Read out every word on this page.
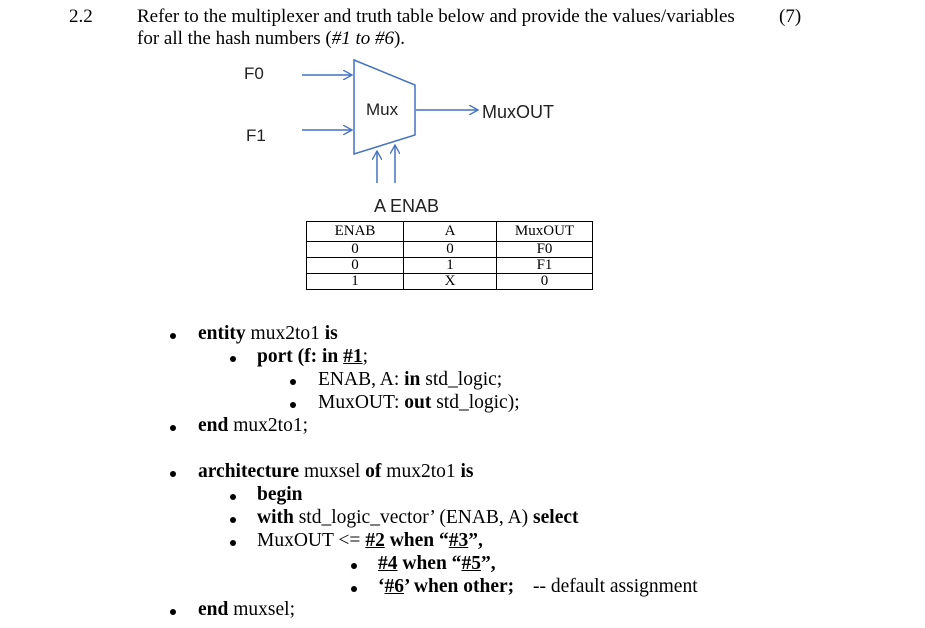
2.2 Refer to the multiplexer and truth table below and provide the values/variables (7)
for all the hash numbers (#1 to #6).
F0
F1
Mux	MuxOUT
A ENAB
ENAB	A	MuxOUT
0	0	F0
0	1	F1
1	X	0
entity mux2to1 is
port (f: in #1;
ENAB, A: in std_logic;
MuxOUT: out std_logic);
end mux2to1;
architecture muxsel of mux2to1 is
begin
with std_logic_vector’ (ENAB, A) select
MuxOUT <= #2 when “#3”,
#4 when “#5”,
‘#6’ when other; -- default assignment
end muxsel;
